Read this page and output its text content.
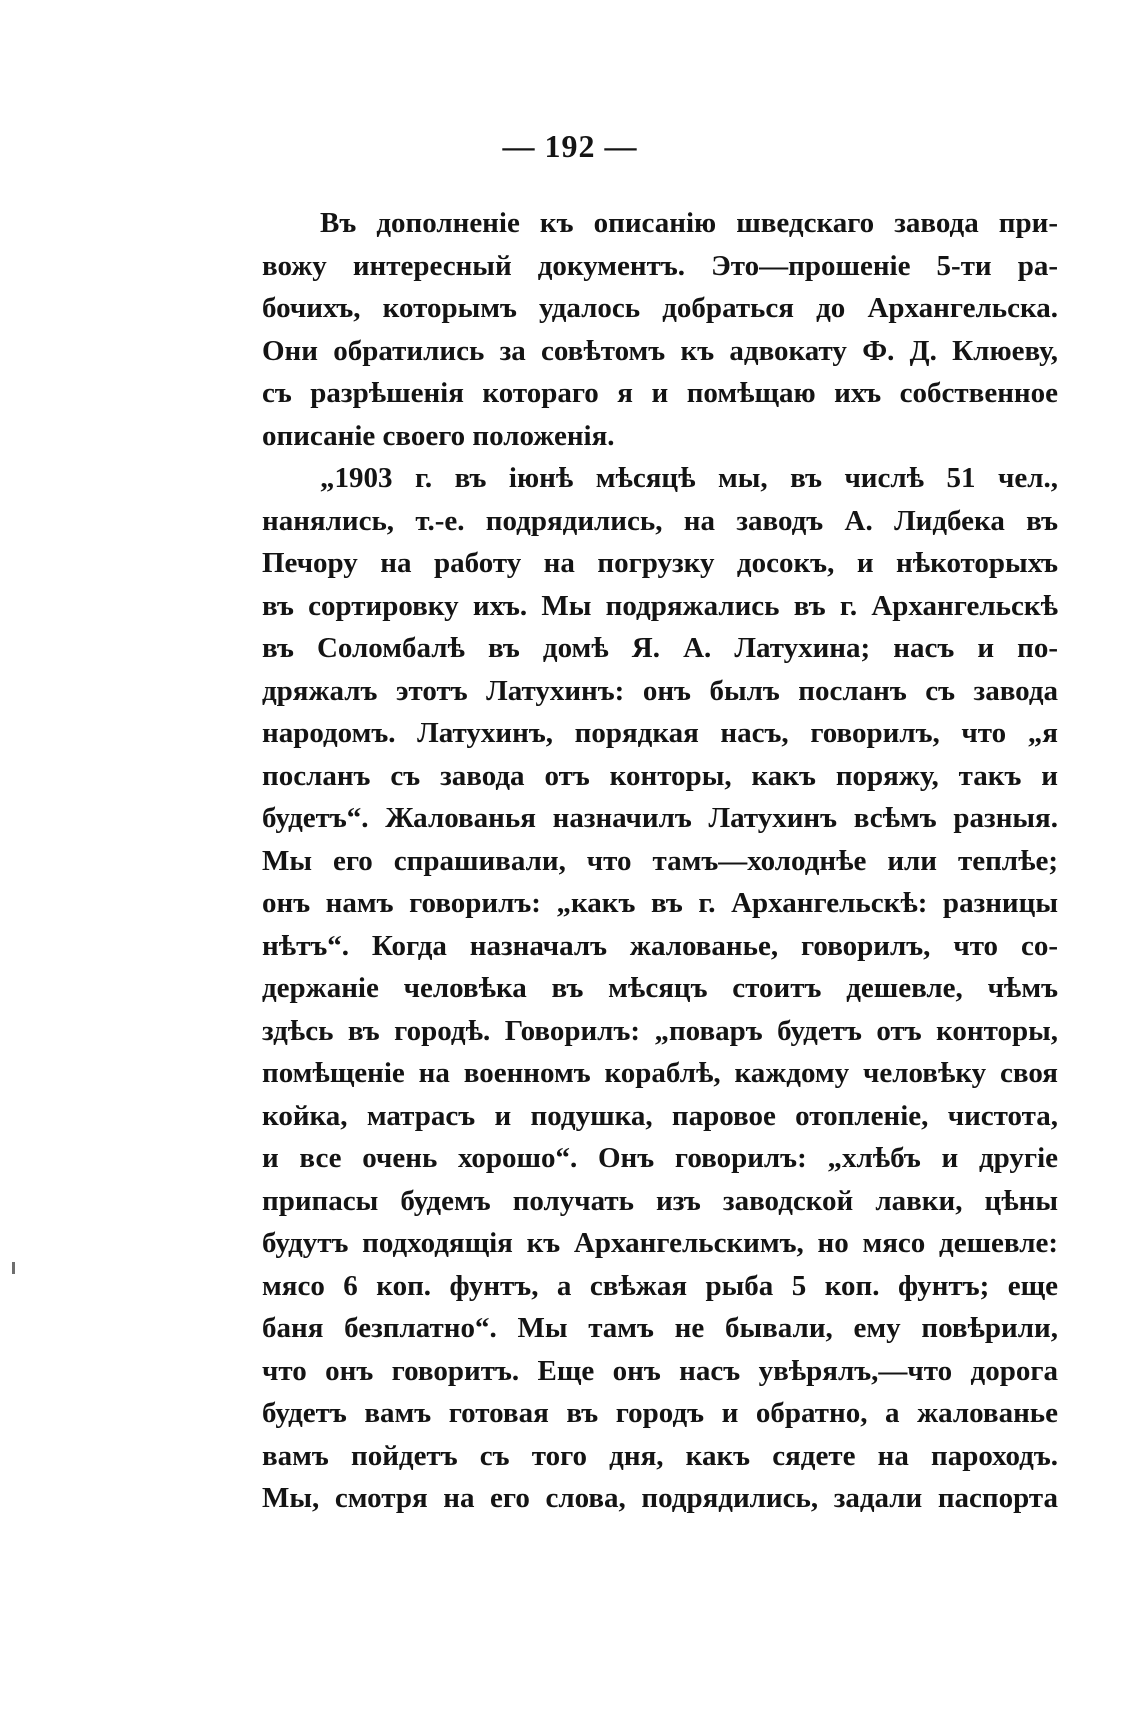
— 192 —
Въ дополненіе къ описанію шведскаго завода при-
вожу интересный документъ. Это—прошеніе 5-ти ра-
бочихъ, которымъ удалось добраться до Архангельска.
Они обратились за совѣтомъ къ адвокату Ф. Д. Клюеву,
съ разрѣшенія котораго я и помѣщаю ихъ собственное
описаніе своего положенія.
„1903 г. въ іюнѣ мѣсяцѣ мы, въ числѣ 51 чел.,
нанялись, т.-е. подрядились, на заводъ А. Лидбека въ
Печору на работу на погрузку досокъ, и нѣкоторыхъ
въ сортировку ихъ. Мы подряжались въ г. Архангельскѣ
въ Соломбалѣ въ домѣ Я. А. Латухина; насъ и по-
дряжалъ этотъ Латухинъ: онъ былъ посланъ съ завода
народомъ. Латухинъ, порядкая насъ, говорилъ, что „я
посланъ съ завода отъ конторы, какъ поряжу, такъ и
будетъ“. Жалованья назначилъ Латухинъ всѣмъ разныя.
Мы его спрашивали, что тамъ—холоднѣе или теплѣе;
онъ намъ говорилъ: „какъ въ г. Архангельскѣ: разницы
нѣтъ“. Когда назначалъ жалованье, говорилъ, что со-
держаніе человѣка въ мѣсяцъ стоитъ дешевле, чѣмъ
здѣсь въ городѣ. Говорилъ: „поваръ будетъ отъ конторы,
помѣщеніе на военномъ кораблѣ, каждому человѣку своя
койка, матрасъ и подушка, паровое отопленіе, чистота,
и все очень хорошо“. Онъ говорилъ: „хлѣбъ и другіе
припасы будемъ получать изъ заводской лавки, цѣны
будутъ подходящія къ Архангельскимъ, но мясо дешевле:
мясо 6 коп. фунтъ, а свѣжая рыба 5 коп. фунтъ; еще
баня безплатно“. Мы тамъ не бывали, ему повѣрили,
что онъ говоритъ. Еще онъ насъ увѣрялъ,—что дорога
будетъ вамъ готовая въ городъ и обратно, а жалованье
вамъ пойдетъ съ того дня, какъ сядете на пароходъ.
Мы, смотря на его слова, подрядились, задали паспорта
